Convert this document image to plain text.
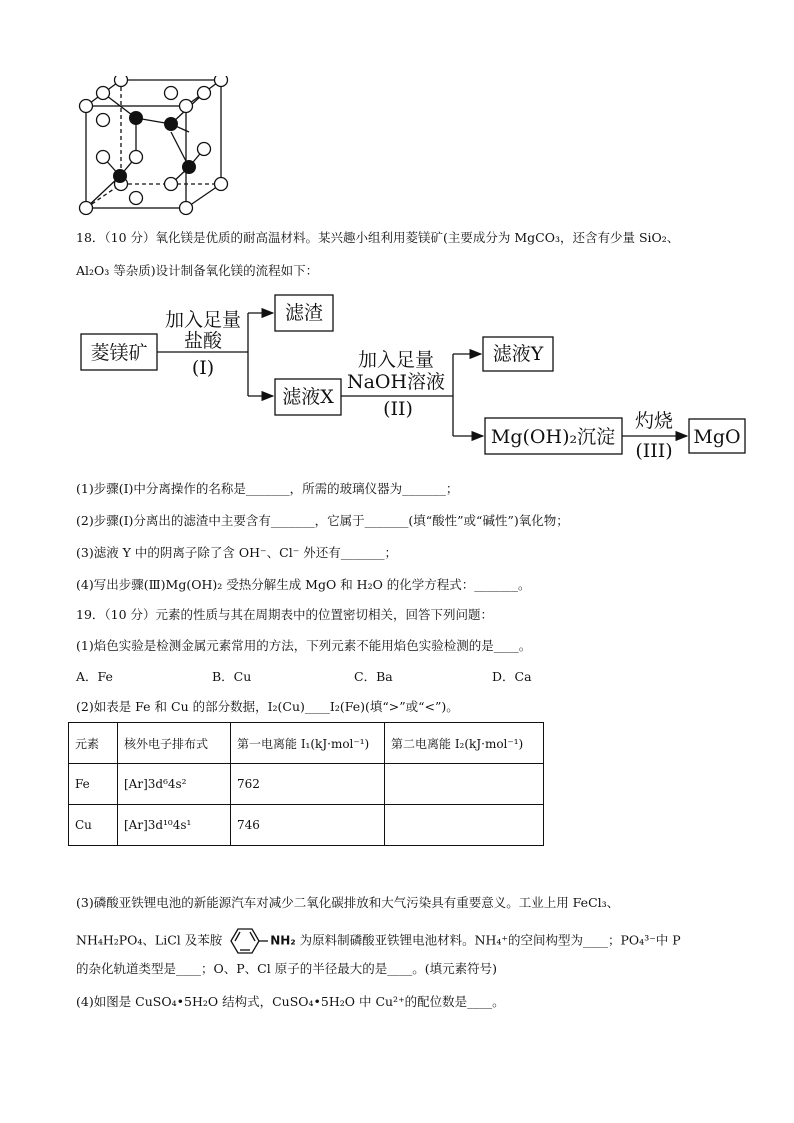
18．（10 分）氧化镁是优质的耐高温材料。某兴趣小组利用菱镁矿(主要成分为 MgCO₃，还含有少量 SiO₂、
Al₂O₃ 等杂质)设计制备氧化镁的流程如下：
菱镁矿
加入足量
盐酸
(I)
滤渣
滤液X
加入足量
NaOH溶液
(II)
滤液Y
Mg(OH)₂沉淀
灼烧
(III)
MgO
(1)步骤(Ⅰ)中分离操作的名称是_______，所需的玻璃仪器为_______；
(2)步骤(Ⅰ)分离出的滤渣中主要含有_______，它属于_______(填“酸性”或“碱性”)氧化物；
(3)滤液 Y 中的阴离子除了含 OH⁻、Cl⁻ 外还有_______；
(4)写出步骤(Ⅲ)Mg(OH)₂ 受热分解生成 MgO 和 H₂O 的化学方程式：_______。
19．（10 分）元素的性质与其在周期表中的位置密切相关，回答下列问题：
(1)焰色实验是检测金属元素常用的方法，下列元素不能用焰色实验检测的是____。
A．Fe	B．Cu	C．Ba	D．Ca
(2)如表是 Fe 和 Cu 的部分数据，I₂(Cu)____I₂(Fe)(填“>”或“<”)。
元素	核外电子排布式	第一电离能 I₁(kJ·mol⁻¹)	第二电离能 I₂(kJ·mol⁻¹)
Fe	[Ar]3d⁶4s²	762	
Cu	[Ar]3d¹⁰4s¹	746	
(3)磷酸亚铁锂电池的新能源汽车对减少二氧化碳排放和大气污染具有重要意义。工业上用 FeCl₃、
NH₄H₂PO₄、LiCl 及苯胺	NH₂ 为原料制磷酸亚铁锂电池材料。NH₄⁺的空间构型为____；PO₄³⁻中 P
的杂化轨道类型是____；O、P、Cl 原子的半径最大的是____。(填元素符号)
(4)如图是 CuSO₄•5H₂O 结构式，CuSO₄•5H₂O 中 Cu²⁺的配位数是____。
